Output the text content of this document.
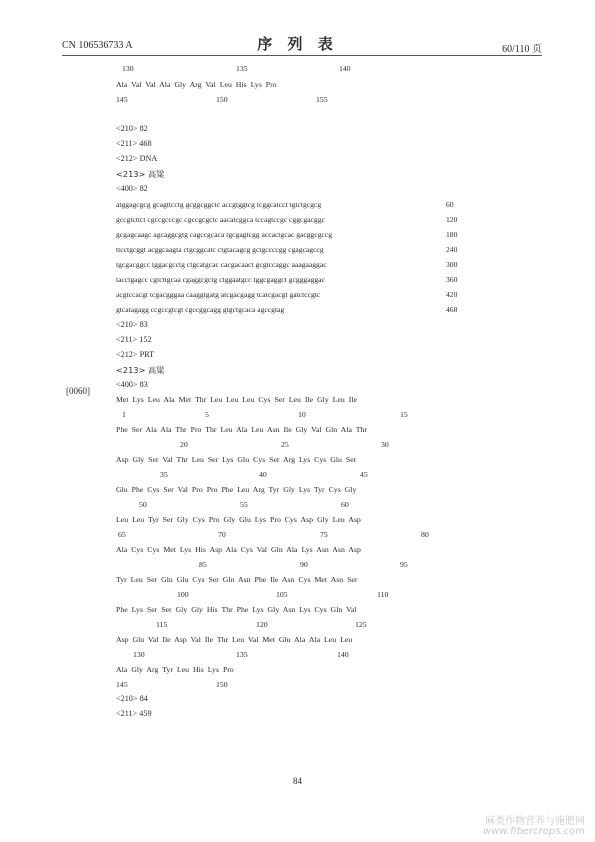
CN 106536733 A	序 列 表	60/110 页
130	135	140
Ala Val Val Ala Gly Arg Val Leu His Lys Pro
145	150	155
<210> 82
<211> 468
<212> DNA
<213> 高粱
<400> 82
atggagcgcg gcagttcctg gcggcggctc accgtggtcg tcggcatcct tgtctgcgcg	60
gccgtcttct cgccgcccgc cgccgcgctc aacatcggca tccagtccgc cggcgacggc	120
gcgagcaagc agcaggcgtg cagccgcaca tgcgagtcgg accactgcac gacggcgccg	180
ttcctgcggt acggcaagta ctgcggcatc ctgtacagcg gctgccccgg cgagcagccg	240
tgcgacggcc tggacgcctg ctgcatgcac cacgacaact gcgtccaggc aaagaaggac	300
tacctgagcc cgtcttgcaa cgaggcgctg ctggaatgcc tggcgaggct gcgggaggac	360
acgtccacgt tcgacgggaa caaggtgatg atcgacgagg tcatcgacgt gatctccgtc	420
gtcatagagg ccgccgtcgt cgccggcagg gtgctgcaca agccgtag	468
<210> 83
<211> 152
<212> PRT
<213> 高粱
[0060]
<400> 83
Met Lys Leu Ala Met Thr Leu Leu Leu Cys Ser Leu Ile Gly Leu Ile
1	5	10	15
Phe Ser Ala Ala Thr Pro Thr Leu Ala Leu Asn Ile Gly Val Gln Ala Thr
20	25	30
Asp Gly Ser Val Thr Leu Ser Lys Glu Cys Ser Arg Lys Cys Glu Ser
35	40	45
Glu Phe Cys Ser Val Pro Pro Phe Leu Arg Tyr Gly Lys Tyr Cys Gly
50	55	60
Leu Leu Tyr Ser Gly Cys Pro Gly Glu Lys Pro Cys Asp Gly Leu Asp
65	70	75	80
Ala Cys Cys Met Lys His Asp Ala Cys Val Gln Ala Lys Asn Asn Asp
85	90	95
Tyr Leu Ser Gln Glu Cys Ser Gln Asn Phe Ile Asn Cys Met Asn Ser
100	105	110
Phe Lys Ser Ser Gly Gly His Thr Phe Lys Gly Asn Lys Cys Gln Val
115	120	125
Asp Glu Val Ile Asp Val Ile Thr Leu Val Met Glu Ala Ala Leu Leu
130	135	140
Ala Gly Arg Tyr Leu His Lys Pro
145	150
<210> 84
<211> 459
84
麻类作物营养与施肥网
www.fibercrops.com
